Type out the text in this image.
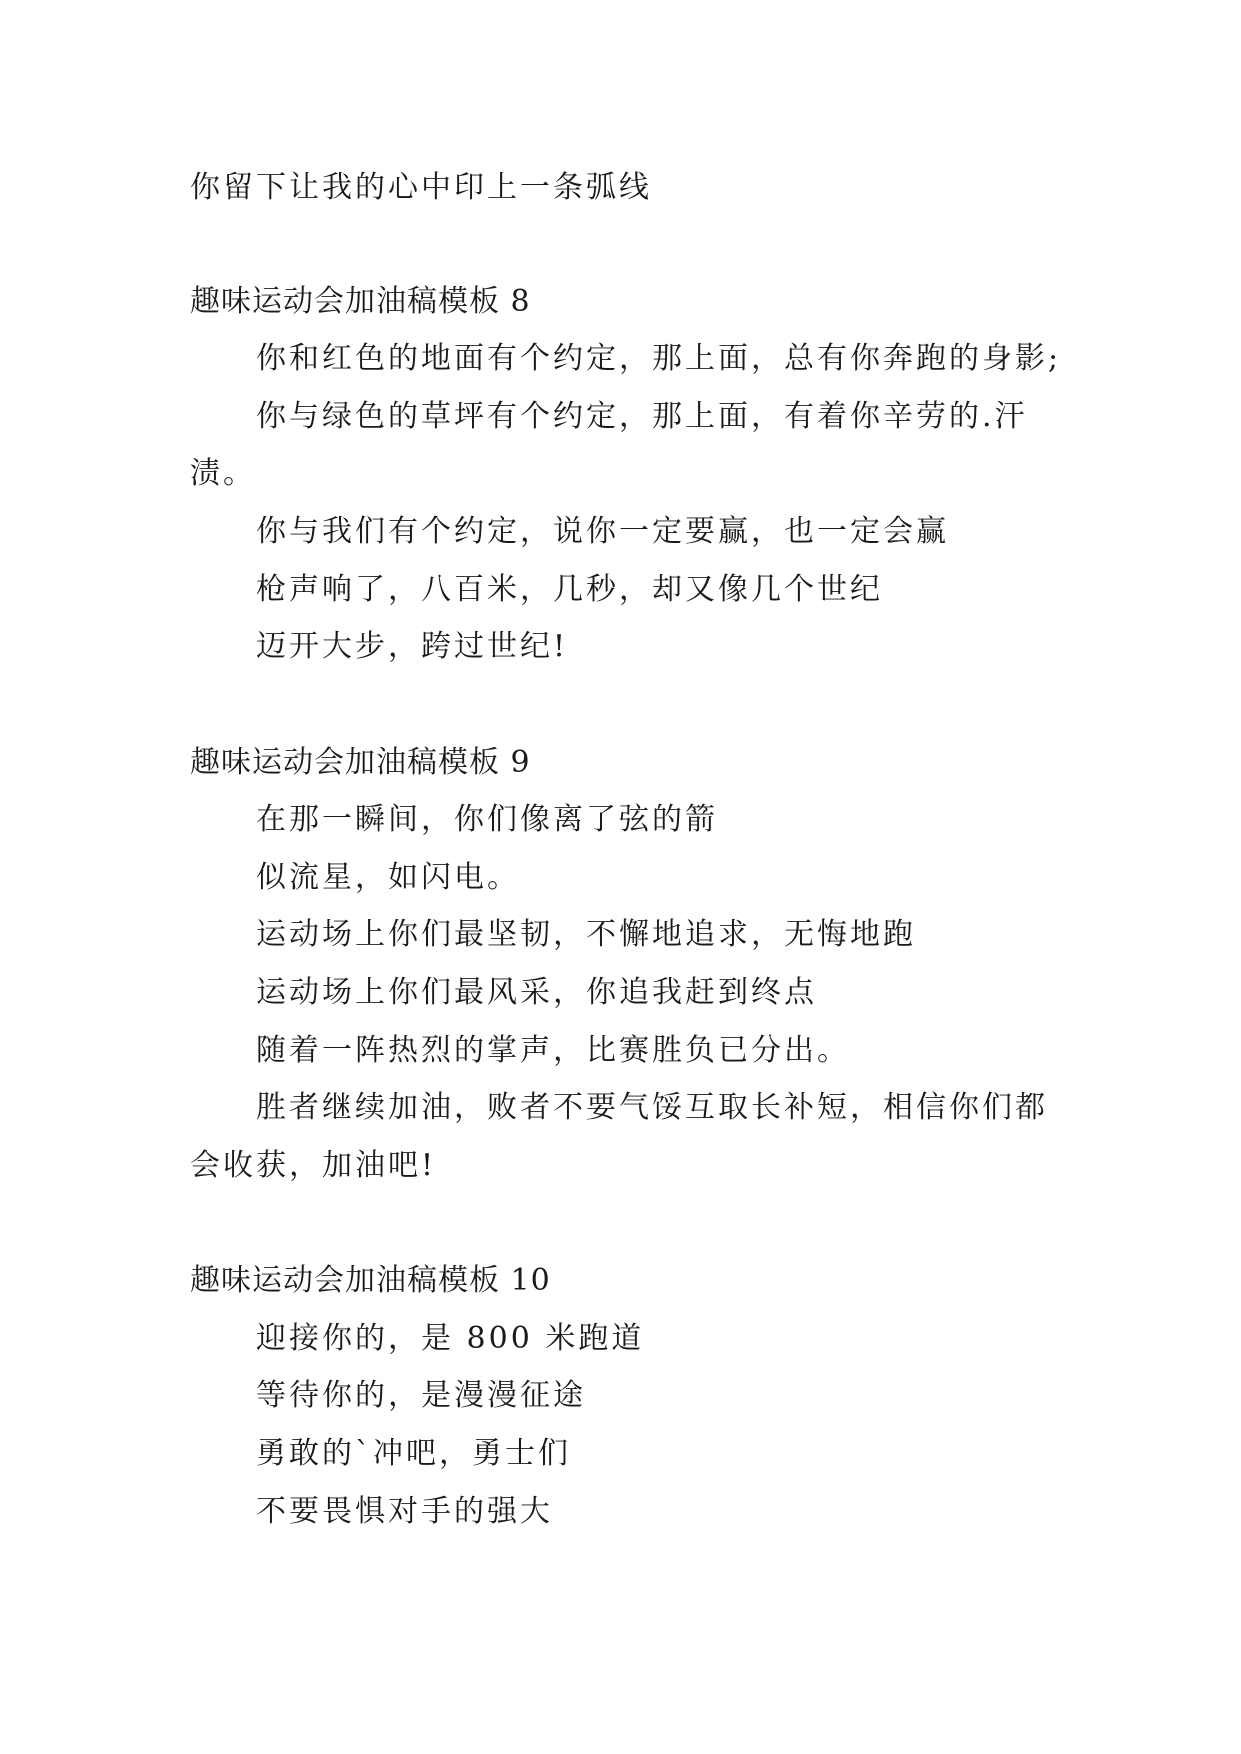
你留下让我的心中印上一条弧线
趣味运动会加油稿模板 8
你和红色的地面有个约定，那上面，总有你奔跑的身影;
你与绿色的草坪有个约定，那上面，有着你辛劳的.汗
渍。
你与我们有个约定，说你一定要赢，也一定会赢
枪声响了，八百米，几秒，却又像几个世纪
迈开大步，跨过世纪!
趣味运动会加油稿模板 9
在那一瞬间，你们像离了弦的箭
似流星，如闪电。
运动场上你们最坚韧，不懈地追求，无悔地跑
运动场上你们最风采，你追我赶到终点
随着一阵热烈的掌声，比赛胜负已分出。
胜者继续加油，败者不要气馁互取长补短，相信你们都
会收获，加油吧!
趣味运动会加油稿模板 10
迎接你的，是 800 米跑道
等待你的，是漫漫征途
勇敢的`冲吧，勇士们
不要畏惧对手的强大
